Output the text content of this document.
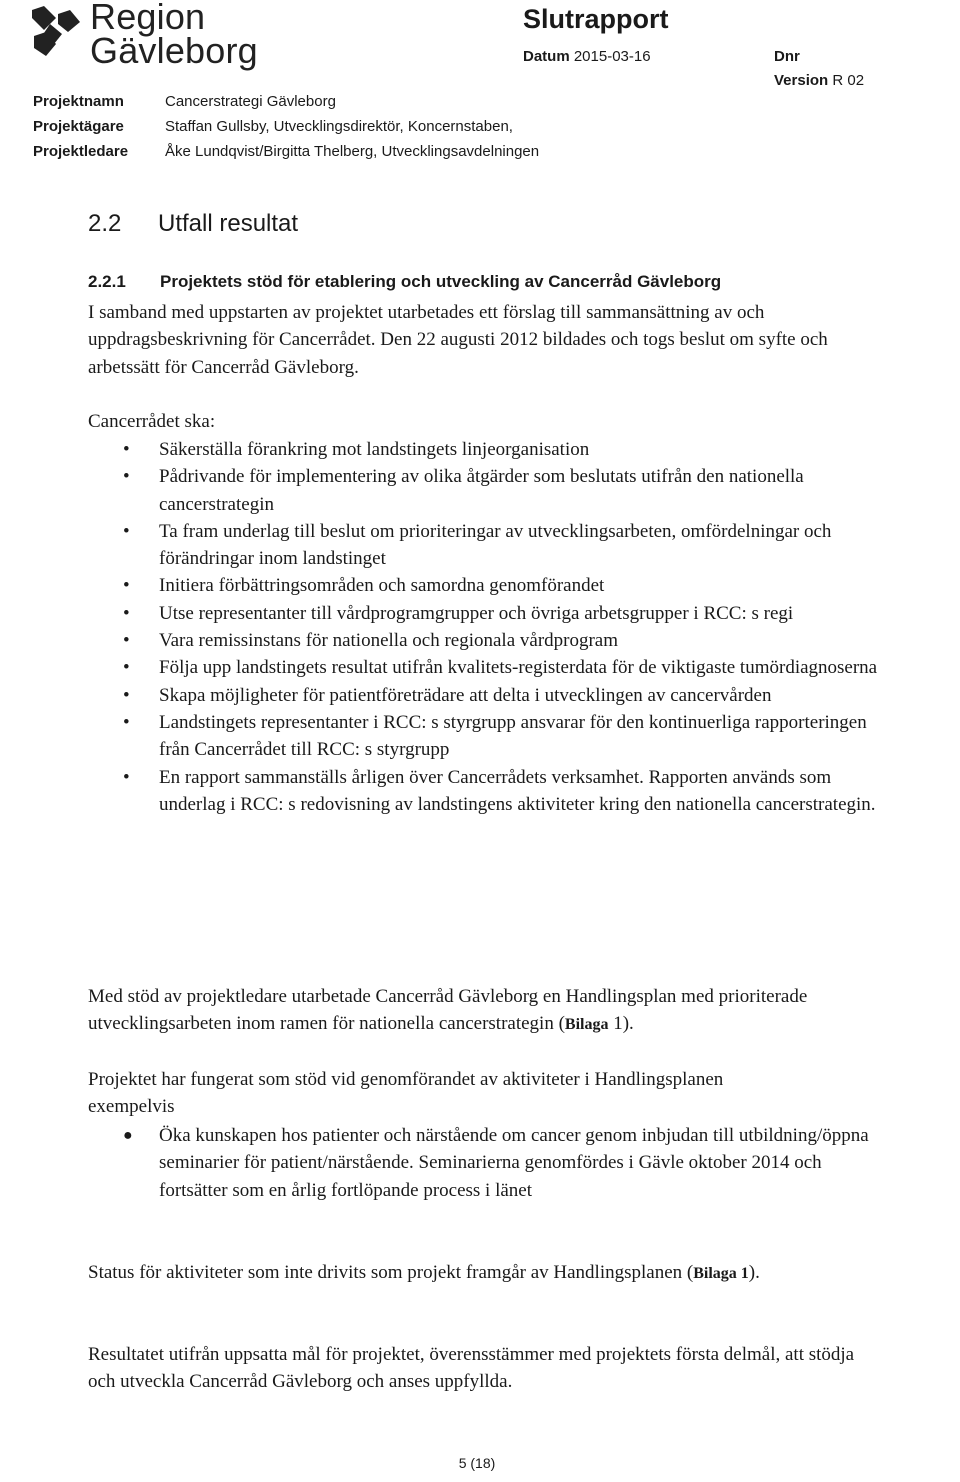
Region
Gävleborg
Slutrapport
Datum 2015-03-16	Dnr
Version R 02
Projektnamn	Cancerstrategi Gävleborg
Projektägare	Staffan Gullsby, Utvecklingsdirektör, Koncernstaben,
Projektledare Åke Lundqvist/Birgitta Thelberg, Utvecklingsavdelningen
2.2 Utfall resultat
2.2.1 Projektets stöd för etablering och utveckling av Cancerråd Gävleborg
I samband med uppstarten av projektet utarbetades ett förslag till sammansättning av och uppdragsbeskrivning för Cancerrådet. Den 22 augusti 2012 bildades och togs beslut om syfte och arbetssätt för Cancerråd Gävleborg.
Cancerrådet ska:
• Säkerställa förankring mot landstingets linjeorganisation
• Pådrivande för implementering av olika åtgärder som beslutats utifrån den nationella cancerstrategin
• Ta fram underlag till beslut om prioriteringar av utvecklingsarbeten, omfördelningar och förändringar inom landstinget
• Initiera förbättringsområden och samordna genomförandet
• Utse representanter till vårdprogramgrupper och övriga arbetsgrupper i RCC: s regi
• Vara remissinstans för nationella och regionala vårdprogram
• Följa upp landstingets resultat utifrån kvalitets-registerdata för de viktigaste tumördiagnoserna
• Skapa möjligheter för patientföreträdare att delta i utvecklingen av cancervården
• Landstingets representanter i RCC: s styrgrupp ansvarar för den kontinuerliga rapporteringen från Cancerrådet till RCC: s styrgrupp
• En rapport sammanställs årligen över Cancerrådets verksamhet. Rapporten används som underlag i RCC: s redovisning av landstingens aktiviteter kring den nationella cancerstrategin.
Med stöd av projektledare utarbetade Cancerråd Gävleborg en Handlingsplan med prioriterade utvecklingsarbeten inom ramen för nationella cancerstrategin (Bilaga 1).
Projektet har fungerat som stöd vid genomförandet av aktiviteter i Handlingsplanen exempelvis
● Öka kunskapen hos patienter och närstående om cancer genom inbjudan till utbildning/öppna seminarier för patient/närstående. Seminarierna genomfördes i Gävle oktober 2014 och fortsätter som en årlig fortlöpande process i länet
Status för aktiviteter som inte drivits som projekt framgår av Handlingsplanen (Bilaga 1).
Resultatet utifrån uppsatta mål för projektet, överensstämmer med projektets första delmål, att stödja och utveckla Cancerråd Gävleborg och anses uppfylldа.
5 (18)
